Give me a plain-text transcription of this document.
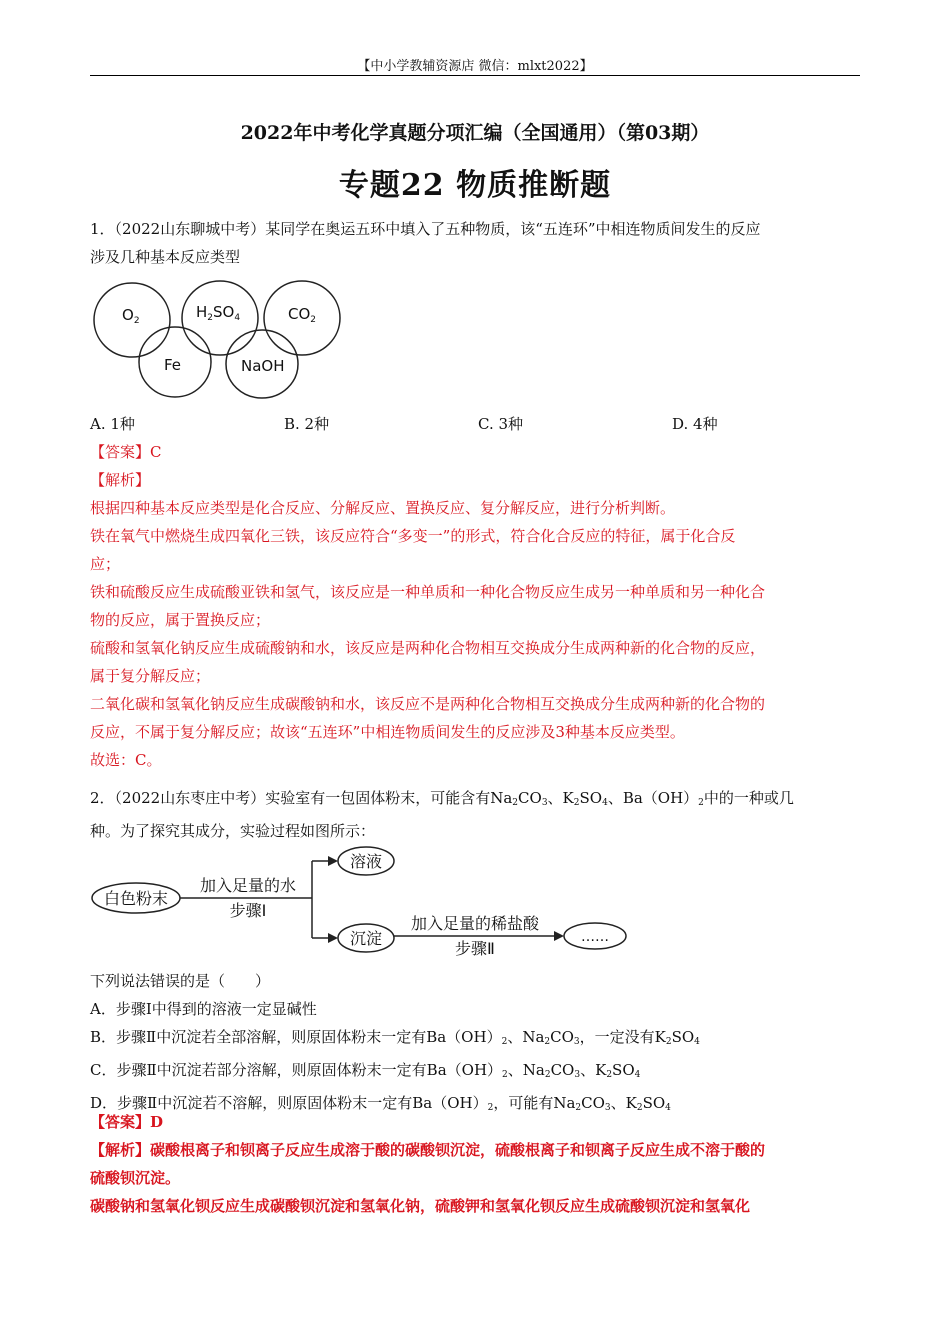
【中小学教辅资源店 微信：mlxt2022】
2022年中考化学真题分项汇编（全国通用）（第03期）
专题22 物质推断题
1．（2022山东聊城中考）某同学在奥运五环中填入了五种物质，该“五连环”中相连物质间发生的反应
涉及几种基本反应类型
$O_2$	$H_2SO_4$	$CO_2$
Fe	NaOH
A. 1种	B. 2种	C. 3种	D. 4种
【答案】C
【解析】
根据四种基本反应类型是化合反应、分解反应、置换反应、复分解反应，进行分析判断。
铁在氧气中燃烧生成四氧化三铁，该反应符合“多变一”的形式，符合化合反应的特征，属于化合反
应；
铁和硫酸反应生成硫酸亚铁和氢气，该反应是一种单质和一种化合物反应生成另一种单质和另一种化合
物的反应，属于置换反应；
硫酸和氢氧化钠反应生成硫酸钠和水，该反应是两种化合物相互交换成分生成两种新的化合物的反应，
属于复分解反应；
二氧化碳和氢氧化钠反应生成碳酸钠和水，该反应不是两种化合物相互交换成分生成两种新的化合物的
反应，不属于复分解反应；故该“五连环”中相连物质间发生的反应涉及3种基本反应类型。
故选：C。
2．（2022山东枣庄中考）实验室有一包固体粉末，可能含有$Na_2CO_3$、$K_2SO_4$、$Ba(OH)_2$中的一种或几
种。为了探究其成分，实验过程如图所示：
白色粉末
加入足量的水
步骤Ⅰ
溶液
沉淀
加入足量的稀盐酸
步骤Ⅱ
……
下列说法错误的是（　　）
A．步骤Ⅰ中得到的溶液一定显碱性
B．步骤Ⅱ中沉淀若全部溶解，则原固体粉末一定有$Ba(OH)_2$、$Na_2CO_3$，一定没有$K_2SO_4$
C．步骤Ⅱ中沉淀若部分溶解，则原固体粉末一定有$Ba(OH)_2$、$Na_2CO_3$、$K_2SO_4$
D．步骤Ⅱ中沉淀若不溶解，则原固体粉末一定有$Ba(OH)_2$，可能有$Na_2CO_3$、$K_2SO_4$
【答案】D
【解析】碳酸根离子和钡离子反应生成溶于酸的碳酸钡沉淀，硫酸根离子和钡离子反应生成不溶于酸的
硫酸钡沉淀。
碳酸钠和氢氧化钡反应生成碳酸钡沉淀和氢氧化钠，硫酸钾和氢氧化钡反应生成硫酸钡沉淀和氢氧化
